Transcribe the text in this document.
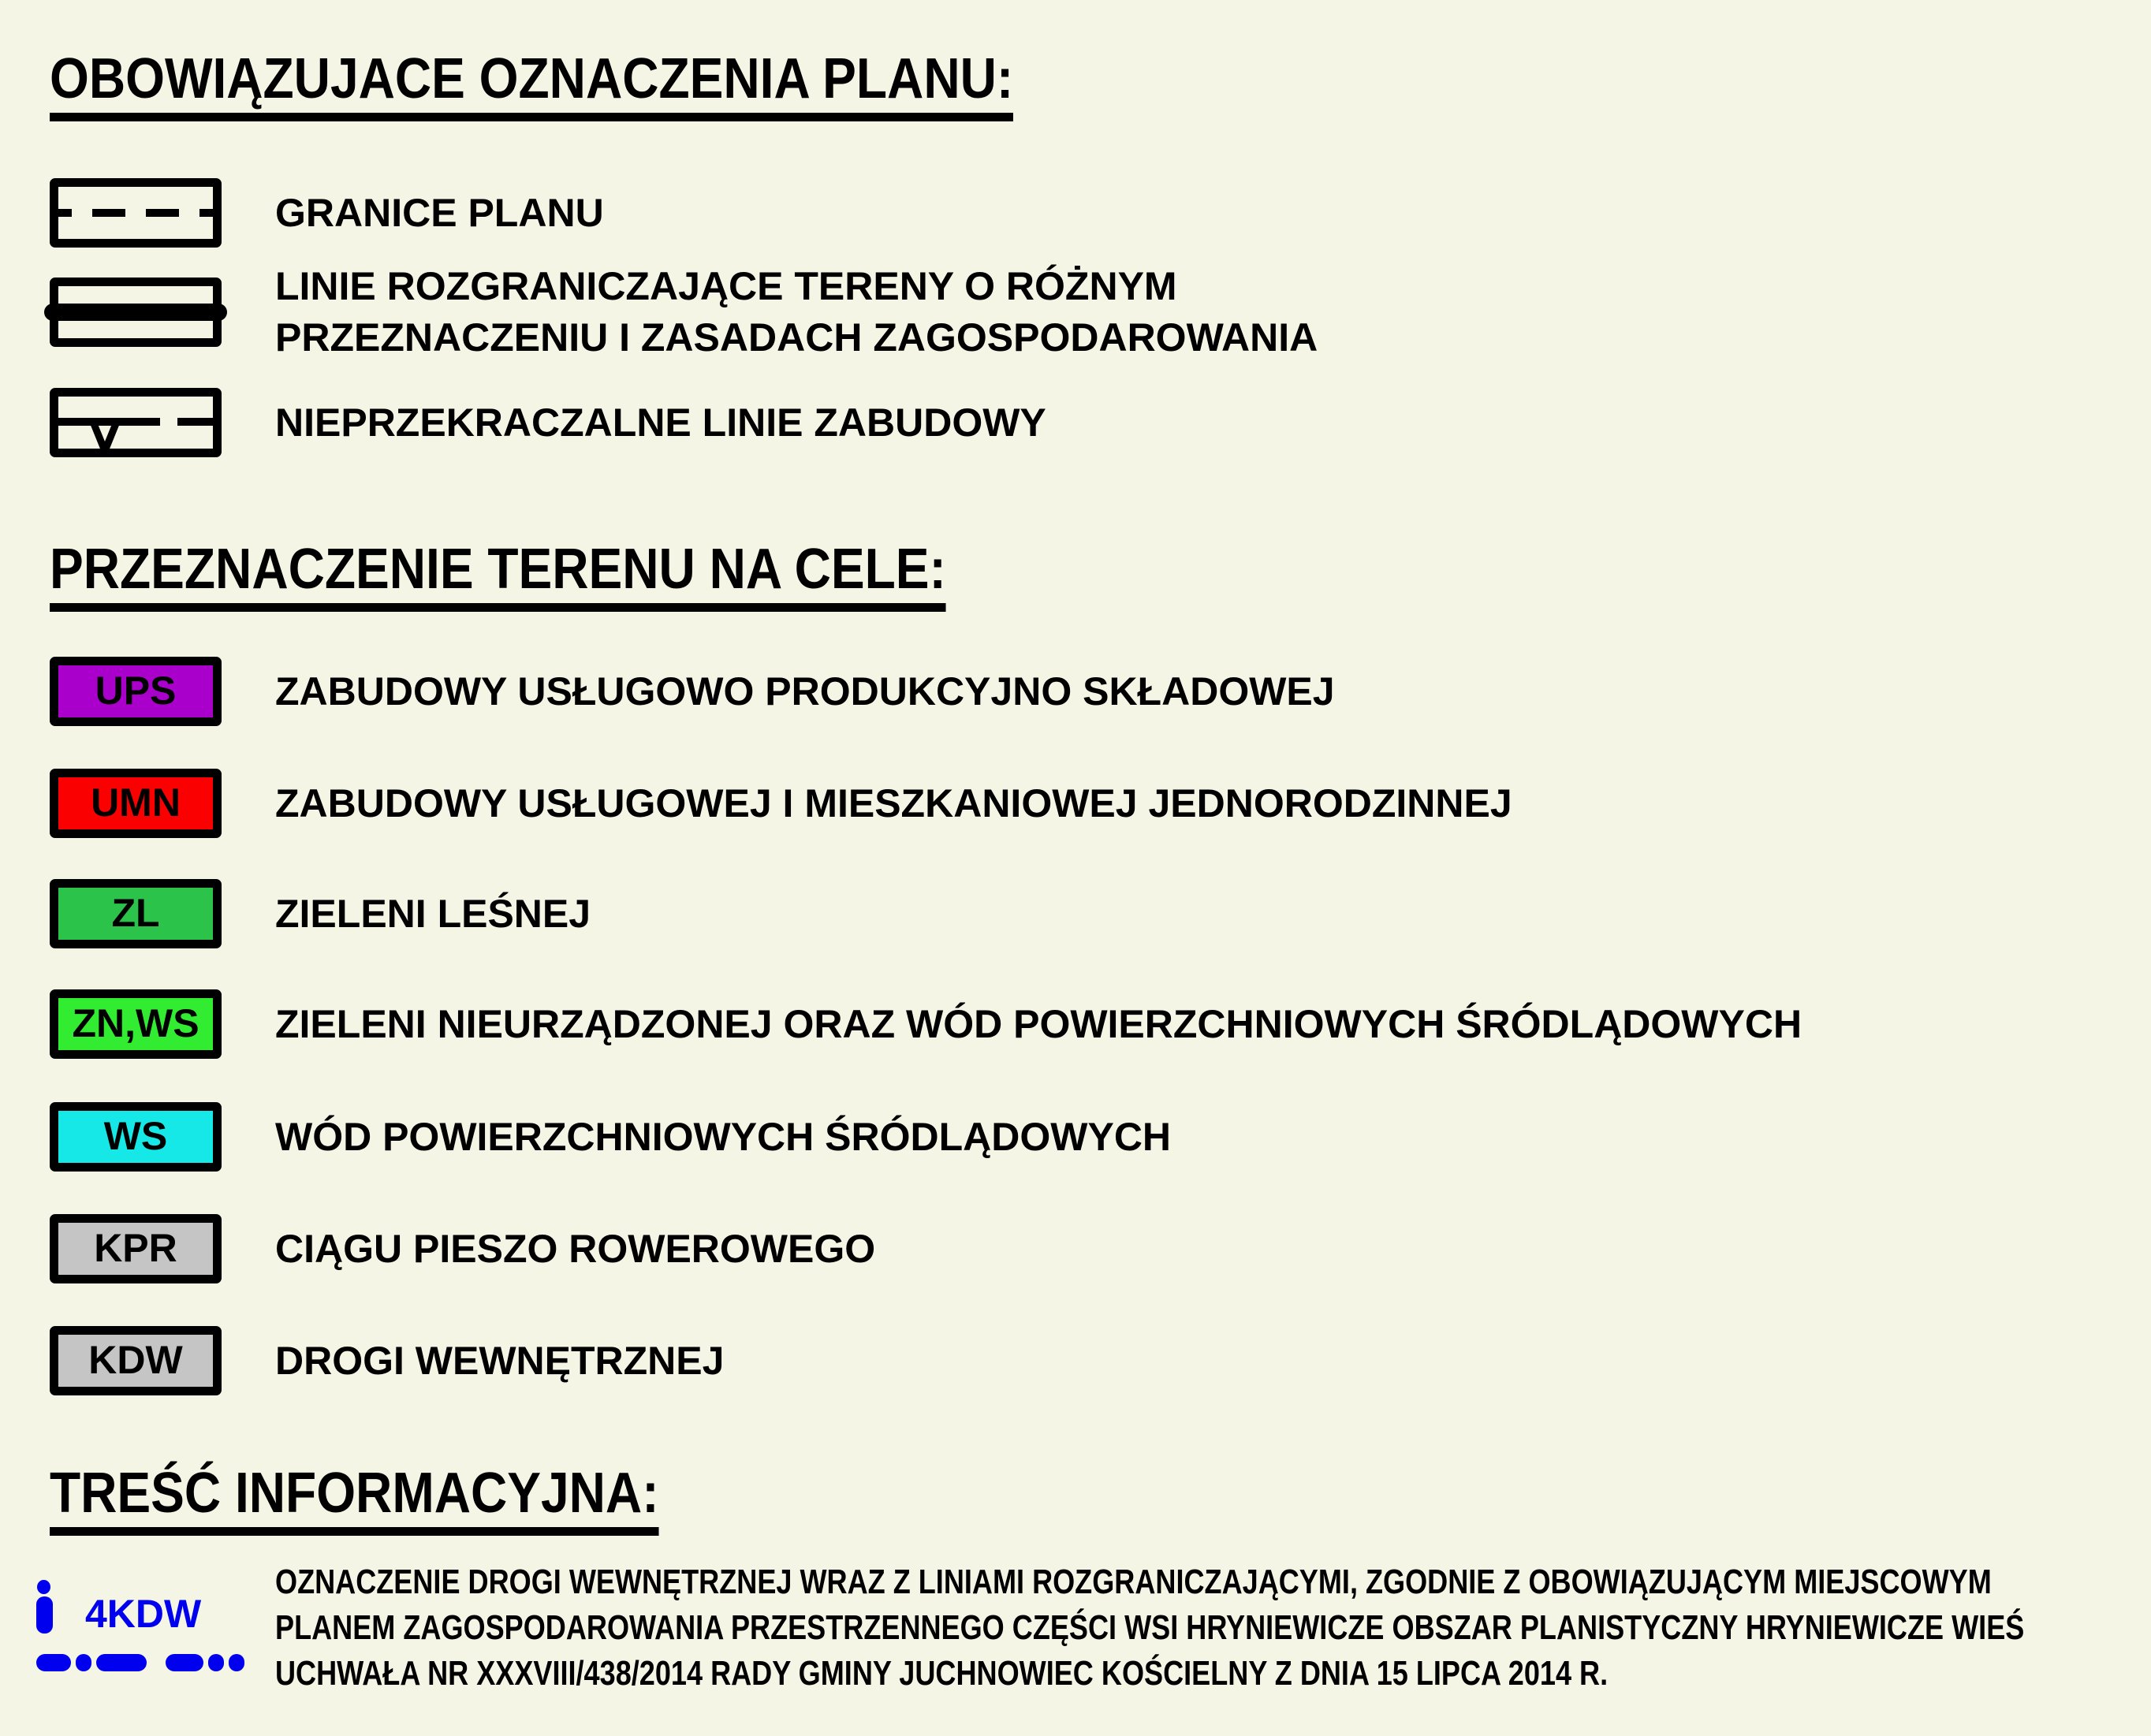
OBOWIĄZUJACE OZNACZENIA PLANU:
GRANICE PLANU
LINIE ROZGRANICZAJĄCE TERENY O RÓŻNYM
PRZEZNACZENIU I ZASADACH ZAGOSPODAROWANIA
NIEPRZEKRACZALNE LINIE ZABUDOWY
PRZEZNACZENIE TERENU NA CELE:
UPS	ZABUDOWY USŁUGOWO PRODUKCYJNO SKŁADOWEJ
UMN	ZABUDOWY USŁUGOWEJ I MIESZKANIOWEJ JEDNORODZINNEJ
ZL	ZIELENI LEŚNEJ
ZN,WS	ZIELENI NIEURZĄDZONEJ ORAZ WÓD POWIERZCHNIOWYCH ŚRÓDLĄDOWYCH
WS	WÓD POWIERZCHNIOWYCH ŚRÓDLĄDOWYCH
KPR	CIĄGU PIESZO ROWEROWEGO
KDW	DROGI WEWNĘTRZNEJ
TREŚĆ INFORMACYJNA:
4KDW
OZNACZENIE DROGI WEWNĘTRZNEJ WRAZ Z LINIAMI ROZGRANICZAJĄCYMI, ZGODNIE Z OBOWIĄZUJĄCYM MIEJSCOWYM
PLANEM ZAGOSPODAROWANIA PRZESTRZENNEGO CZĘŚCI WSI HRYNIEWICZE OBSZAR PLANISTYCZNY HRYNIEWICZE WIEŚ
UCHWAŁA NR XXXVIII/438/2014 RADY GMINY JUCHNOWIEC KOŚCIELNY Z DNIA 15 LIPCA 2014 R.
